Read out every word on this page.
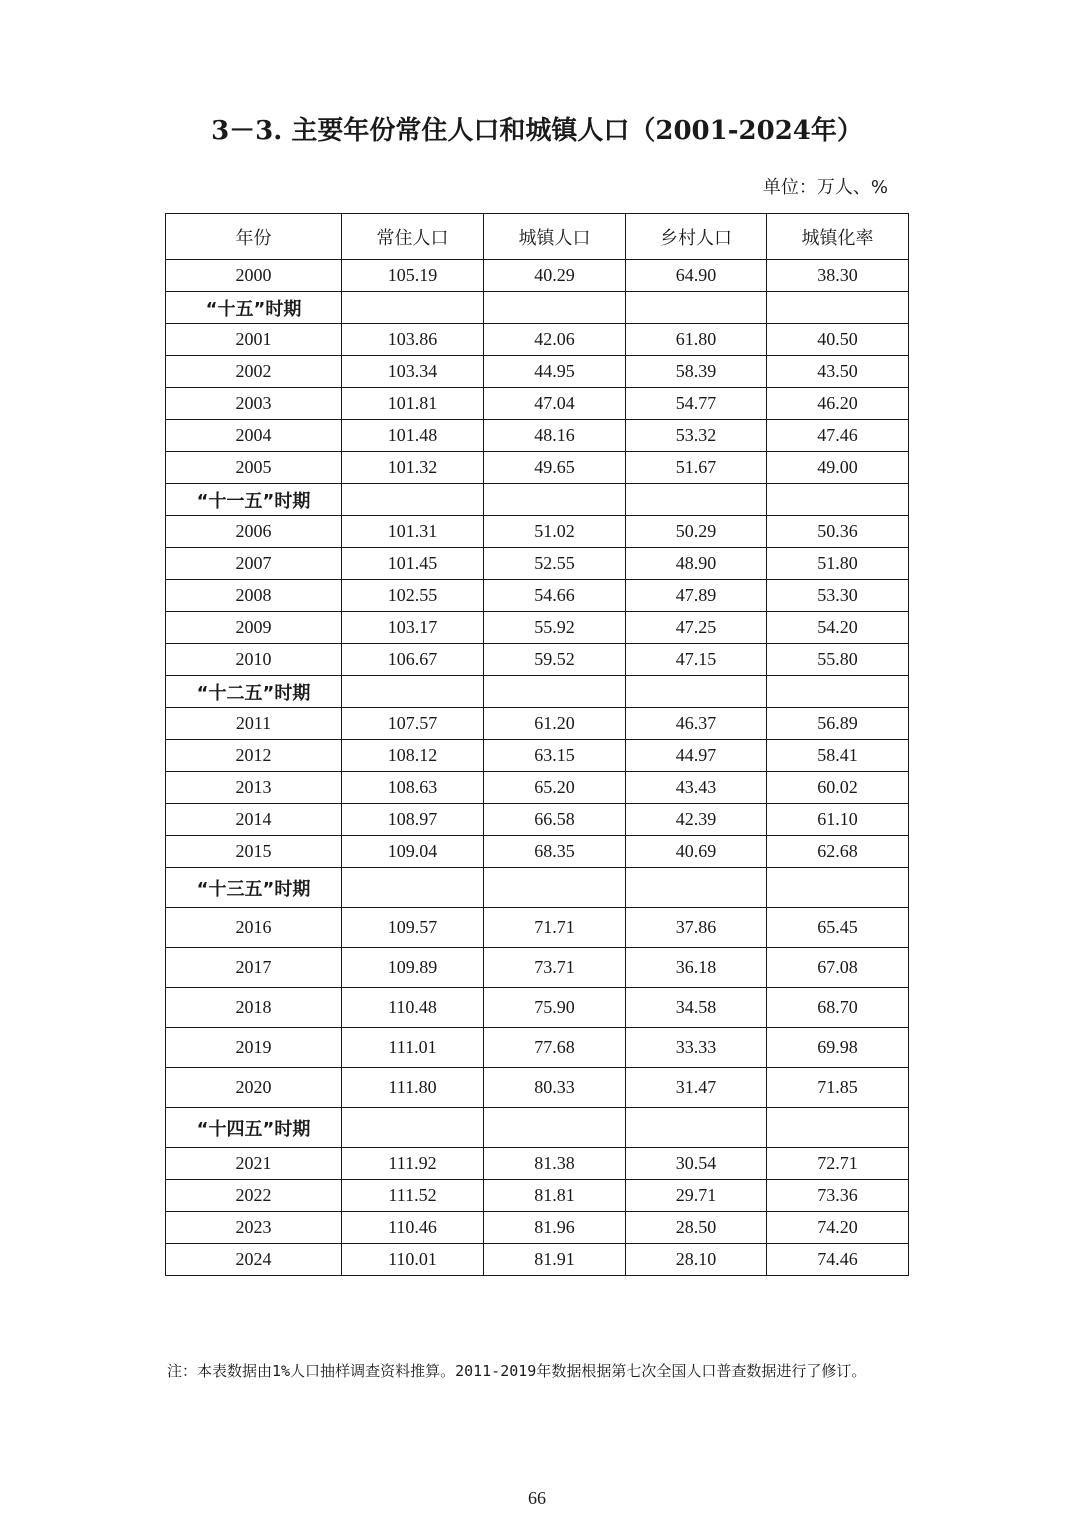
3－3. 主要年份常住人口和城镇人口（2001-2024年）
单位：万人、%
年份	常住人口	城镇人口	乡村人口	城镇化率
2000	105.19	40.29	64.90	38.30
“十五”时期				
2001	103.86	42.06	61.80	40.50
2002	103.34	44.95	58.39	43.50
2003	101.81	47.04	54.77	46.20
2004	101.48	48.16	53.32	47.46
2005	101.32	49.65	51.67	49.00
“十一五”时期				
2006	101.31	51.02	50.29	50.36
2007	101.45	52.55	48.90	51.80
2008	102.55	54.66	47.89	53.30
2009	103.17	55.92	47.25	54.20
2010	106.67	59.52	47.15	55.80
“十二五”时期				
2011	107.57	61.20	46.37	56.89
2012	108.12	63.15	44.97	58.41
2013	108.63	65.20	43.43	60.02
2014	108.97	66.58	42.39	61.10
2015	109.04	68.35	40.69	62.68
“十三五”时期				
2016	109.57	71.71	37.86	65.45
2017	109.89	73.71	36.18	67.08
2018	110.48	75.90	34.58	68.70
2019	111.01	77.68	33.33	69.98
2020	111.80	80.33	31.47	71.85
“十四五”时期				
2021	111.92	81.38	30.54	72.71
2022	111.52	81.81	29.71	73.36
2023	110.46	81.96	28.50	74.20
2024	110.01	81.91	28.10	74.46

注：本表数据由1%人口抽样调查资料推算。2011-2019年数据根据第七次全国人口普查数据进行了修订。

66
